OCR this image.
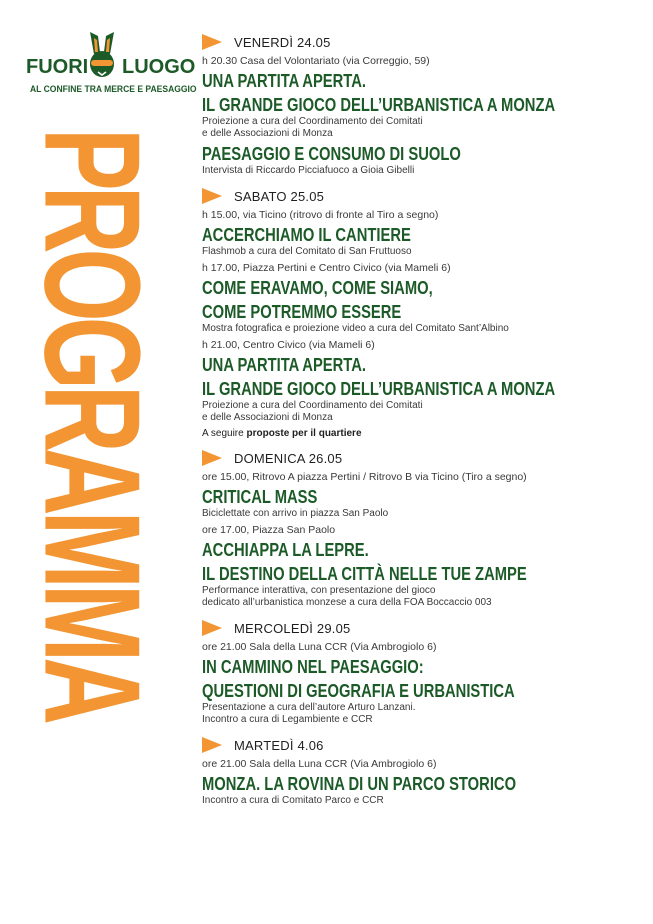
FUORI LUOGO
AL CONFINE TRA MERCE E PAESAGGIO
PROGRAMMA
VENERDÌ 24.05
h 20.30 Casa del Volontariato (via Correggio, 59)
UNA PARTITA APERTA.
IL GRANDE GIOCO DELL’URBANISTICA A MONZA
Proiezione a cura del Coordinamento dei Comitati
e delle Associazioni di Monza
PAESAGGIO E CONSUMO DI SUOLO
Intervista di Riccardo Picciafuoco a Gioia Gibelli
SABATO 25.05
h 15.00, via Ticino (ritrovo di fronte al Tiro a segno)
ACCERCHIAMO IL CANTIERE
Flashmob a cura del Comitato di San Fruttuoso
h 17.00, Piazza Pertini e Centro Civico (via Mameli 6)
COME ERAVAMO, COME SIAMO,
COME POTREMMO ESSERE
Mostra fotografica e proiezione video a cura del Comitato Sant’Albino
h 21.00, Centro Civico (via Mameli 6)
UNA PARTITA APERTA.
IL GRANDE GIOCO DELL’URBANISTICA A MONZA
Proiezione a cura del Coordinamento dei Comitati
e delle Associazioni di Monza
A seguire proposte per il quartiere
DOMENICA 26.05
ore 15.00, Ritrovo A piazza Pertini / Ritrovo B via Ticino (Tiro a segno)
CRITICAL MASS
Biciclettate con arrivo in piazza San Paolo
ore 17.00, Piazza San Paolo
ACCHIAPPA LA LEPRE.
IL DESTINO DELLA CITTÀ NELLE TUE ZAMPE
Performance interattiva, con presentazione del gioco
dedicato all’urbanistica monzese a cura della FOA Boccaccio 003
MERCOLEDÌ 29.05
ore 21.00 Sala della Luna CCR (Via Ambrogiolo 6)
IN CAMMINO NEL PAESAGGIO:
QUESTIONI DI GEOGRAFIA E URBANISTICA
Presentazione a cura dell’autore Arturo Lanzani.
Incontro a cura di Legambiente e CCR
MARTEDÌ 4.06
ore 21.00 Sala della Luna CCR (Via Ambrogiolo 6)
MONZA. LA ROVINA DI UN PARCO STORICO
Incontro a cura di Comitato Parco e CCR
